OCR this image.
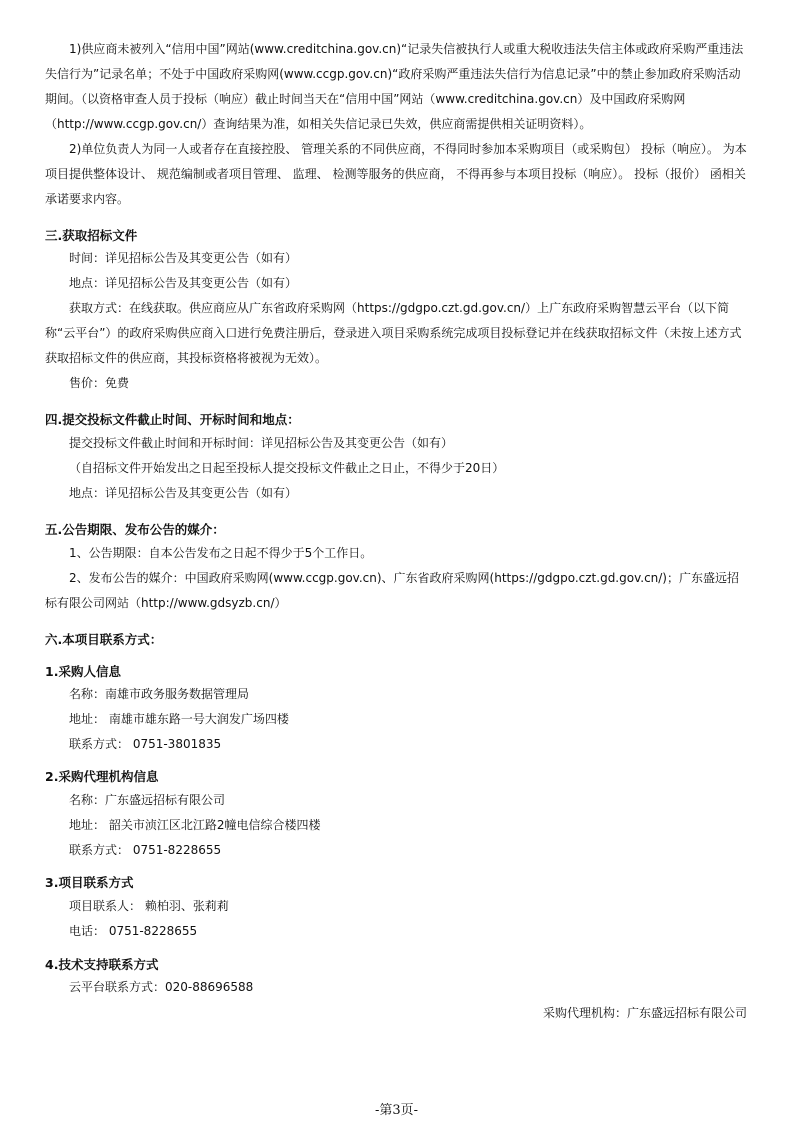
1)供应商未被列入“信用中国”网站(www.creditchina.gov.cn)“记录失信被执行人或重大税收违法失信主体或政府采购严重违法失信行为”记录名单；不处于中国政府采购网(www.ccgp.gov.cn)“政府采购严重违法失信行为信息记录”中的禁止参加政府采购活动期间。（以资格审查人员于投标（响应）截止时间当天在“信用中国”网站（www.creditchina.gov.cn）及中国政府采购网（http://www.ccgp.gov.cn/）查询结果为准，如相关失信记录已失效，供应商需提供相关证明资料）。

2)单位负责人为同一人或者存在直接控股、 管理关系的不同供应商，不得同时参加本采购项目（或采购包） 投标（响应）。 为本项目提供整体设计、 规范编制或者项目管理、 监理、 检测等服务的供应商， 不得再参与本项目投标（响应）。 投标（报价） 函相关承诺要求内容。

三.获取招标文件
时间：详见招标公告及其变更公告（如有）
地点：详见招标公告及其变更公告（如有）

获取方式：在线获取。供应商应从广东省政府采购网（https://gdgpo.czt.gd.gov.cn/）上广东政府采购智慧云平台（以下简称“云平台”）的政府采购供应商入口进行免费注册后，登录进入项目采购系统完成项目投标登记并在线获取招标文件（未按上述方式获取招标文件的供应商，其投标资格将被视为无效）。

售价：免费
四.提交投标文件截止时间、开标时间和地点：
提交投标文件截止时间和开标时间：详见招标公告及其变更公告（如有）
（自招标文件开始发出之日起至投标人提交投标文件截止之日止，不得少于20日）
地点：详见招标公告及其变更公告（如有）
五.公告期限、发布公告的媒介：
1、公告期限：自本公告发布之日起不得少于5个工作日。

2、发布公告的媒介：中国政府采购网(www.ccgp.gov.cn)、广东省政府采购网(https://gdgpo.czt.gd.gov.cn/)；广东盛远招标有限公司网站（http://www.gdsyzb.cn/）

六.本项目联系方式：
1.采购人信息
名称：南雄市政务服务数据管理局
地址： 南雄市雄东路一号大润发广场四楼
联系方式： 0751-3801835
2.采购代理机构信息
名称：广东盛远招标有限公司
地址： 韶关市浈江区北江路2幢电信综合楼四楼
联系方式： 0751-8228655
3.项目联系方式
项目联系人： 赖柏羽、张莉莉
电话： 0751-8228655
4.技术支持联系方式
云平台联系方式：020-88696588
采购代理机构：广东盛远招标有限公司
-第3页-
